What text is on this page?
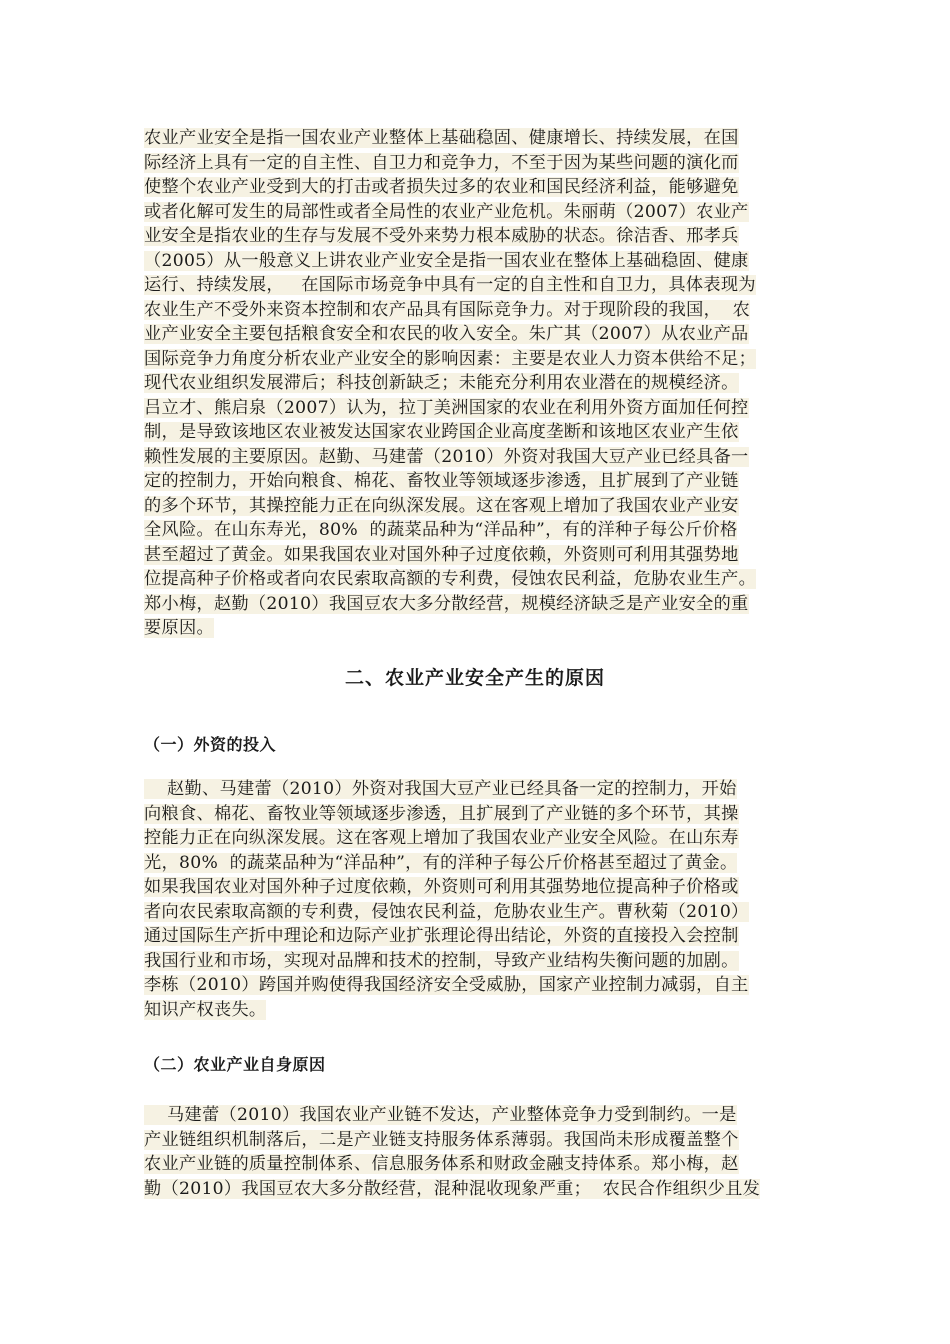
农业产业安全是指一国农业产业整体上基础稳固、健康增长、持续发展，在国
际经济上具有一定的自主性、自卫力和竞争力，不至于因为某些问题的演化而
使整个农业产业受到大的打击或者损失过多的农业和国民经济利益，能够避免
或者化解可发生的局部性或者全局性的农业产业危机。朱丽萌（2007）农业产
业安全是指农业的生存与发展不受外来势力根本威胁的状态。徐洁香、邢孝兵
（2005）从一般意义上讲农业产业安全是指一国农业在整体上基础稳固、健康
运行、持续发展，   在国际市场竞争中具有一定的自主性和自卫力，具体表现为
农业生产不受外来资本控制和农产品具有国际竞争力。对于现阶段的我国，  农
业产业安全主要包括粮食安全和农民的收入安全。朱广其（2007）从农业产品
国际竞争力角度分析农业产业安全的影响因素：主要是农业人力资本供给不足；
现代农业组织发展滞后；科技创新缺乏；未能充分利用农业潜在的规模经济。
吕立才、熊启泉（2007）认为，拉丁美洲国家的农业在利用外资方面加任何控
制，是导致该地区农业被发达国家农业跨国企业高度垄断和该地区农业产生依
赖性发展的主要原因。赵勤、马建蕾（2010）外资对我国大豆产业已经具备一
定的控制力，开始向粮食、棉花、畜牧业等领域逐步渗透，且扩展到了产业链
的多个环节，其操控能力正在向纵深发展。这在客观上增加了我国农业产业安
全风险。在山东寿光，80%  的蔬菜品种为“洋品种”，有的洋种子每公斤价格
甚至超过了黄金。如果我国农业对国外种子过度依赖，外资则可利用其强势地
位提高种子价格或者向农民索取高额的专利费，侵蚀农民利益，危胁农业生产。
郑小梅，赵勤（2010）我国豆农大多分散经营，规模经济缺乏是产业安全的重
要原因。
二、农业产业安全产生的原因
（一）外资的投入
赵勤、马建蕾（2010）外资对我国大豆产业已经具备一定的控制力，开始
向粮食、棉花、畜牧业等领域逐步渗透，且扩展到了产业链的多个环节，其操
控能力正在向纵深发展。这在客观上增加了我国农业产业安全风险。在山东寿
光，80%  的蔬菜品种为“洋品种”，有的洋种子每公斤价格甚至超过了黄金。
如果我国农业对国外种子过度依赖，外资则可利用其强势地位提高种子价格或
者向农民索取高额的专利费，侵蚀农民利益，危胁农业生产。曹秋菊（2010）
通过国际生产折中理论和边际产业扩张理论得出结论，外资的直接投入会控制
我国行业和市场，实现对品牌和技术的控制，导致产业结构失衡问题的加剧。
李栋（2010）跨国并购使得我国经济安全受威胁，国家产业控制力减弱，自主
知识产权丧失。
（二）农业产业自身原因
马建蕾（2010）我国农业产业链不发达，产业整体竞争力受到制约。一是
产业链组织机制落后，二是产业链支持服务体系薄弱。我国尚未形成覆盖整个
农业产业链的质量控制体系、信息服务体系和财政金融支持体系。郑小梅，赵
勤（2010）我国豆农大多分散经营，混种混收现象严重；  农民合作组织少且发
